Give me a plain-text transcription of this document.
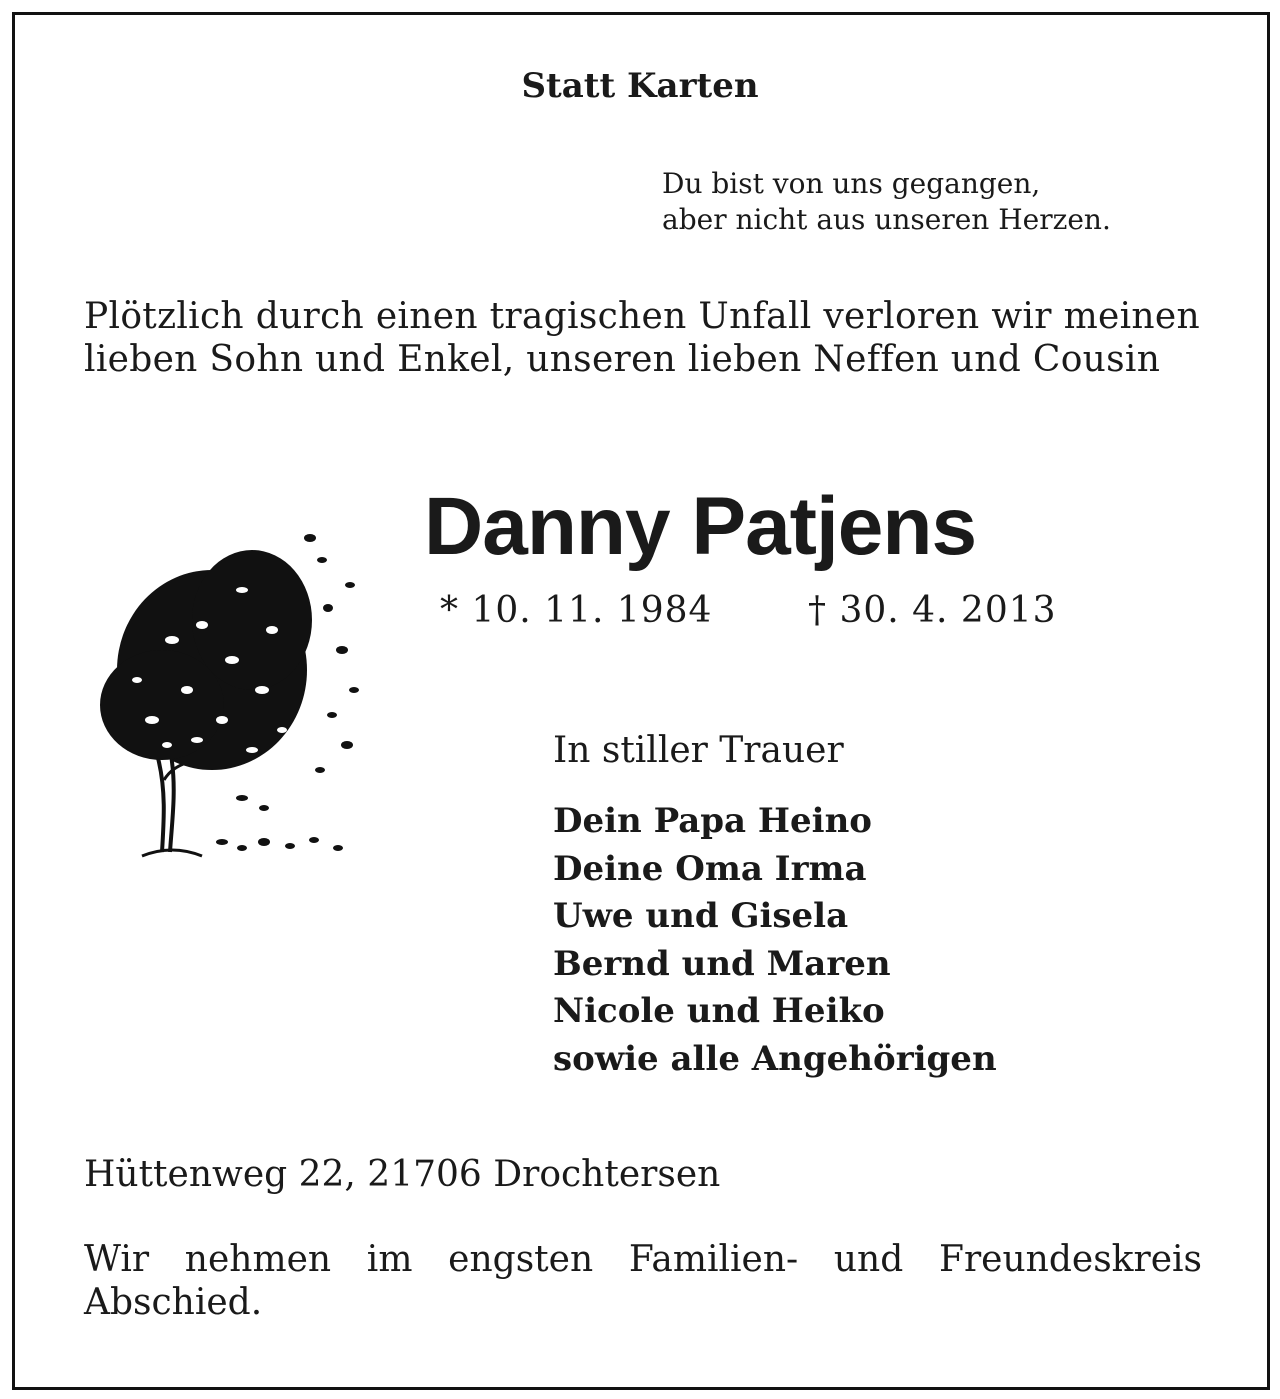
Statt Karten
Du bist von uns gegangen,
aber nicht aus unseren Herzen.
Plötzlich durch einen tragischen Unfall verloren wir meinen lieben Sohn und Enkel, unseren lieben Neffen und Cousin
Danny Patjens
* 10. 11. 1984	† 30. 4. 2013
In stiller Trauer
Dein Papa Heino
Deine Oma Irma
Uwe und Gisela
Bernd und Maren
Nicole und Heiko
sowie alle Angehörigen
Hüttenweg 22, 21706 Drochtersen
Wir nehmen im engsten Familien- und Freundeskreis Abschied.
